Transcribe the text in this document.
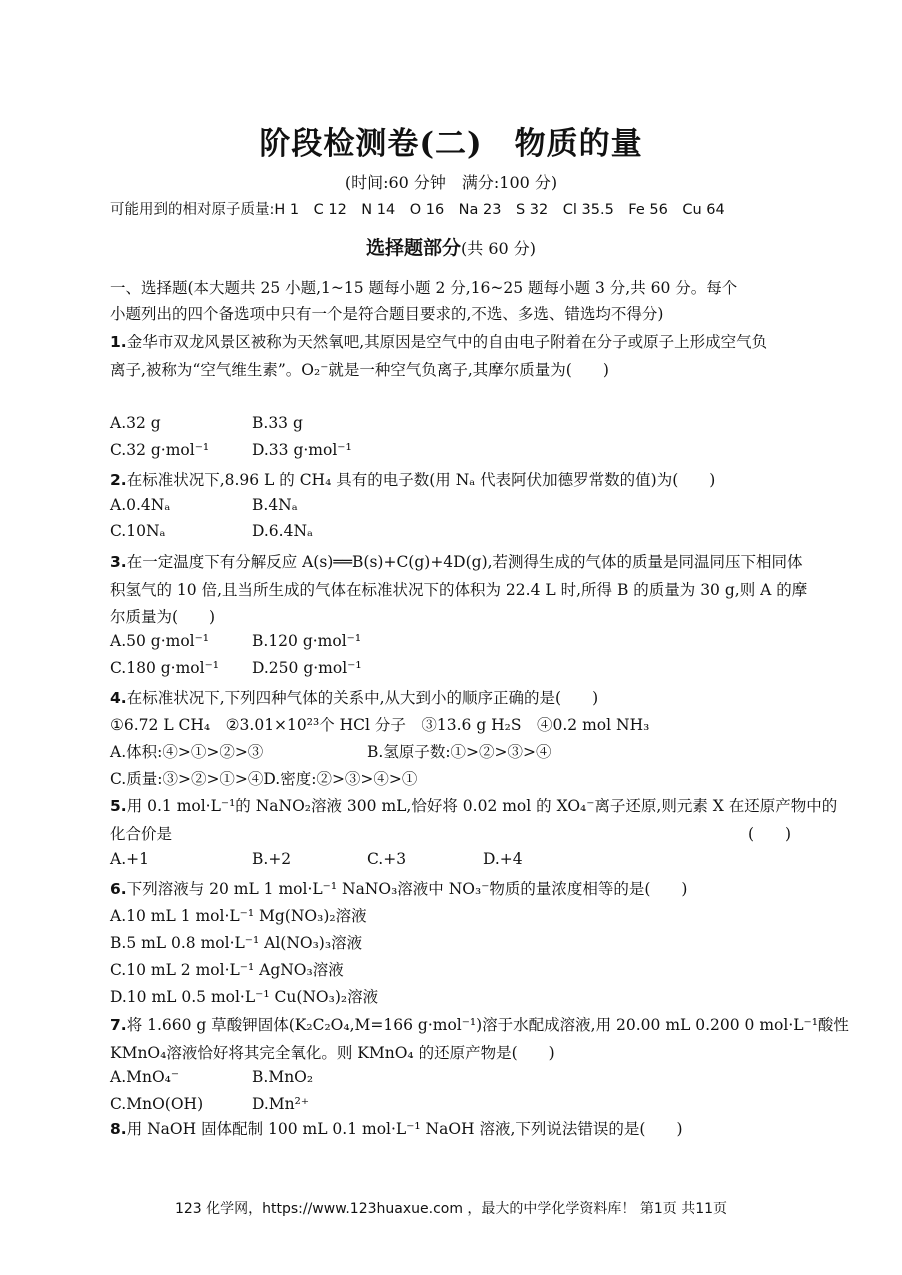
阶段检测卷(二)　物质的量
(时间:60 分钟　满分:100 分)
可能用到的相对原子质量:H 1　C 12　N 14　O 16　Na 23　S 32　Cl 35.5　Fe 56　Cu 64
选择题部分(共 60 分)
一、选择题(本大题共 25 小题,1~15 题每小题 2 分,16~25 题每小题 3 分,共 60 分。每个
小题列出的四个备选项中只有一个是符合题目要求的,不选、多选、错选均不得分)
1.金华市双龙风景区被称为天然氧吧,其原因是空气中的自由电子附着在分子或原子上形成空气负
离子,被称为“空气维生素”。O₂⁻就是一种空气负离子,其摩尔质量为(　　)
A.32 g	B.33 g
C.32 g·mol⁻¹	D.33 g·mol⁻¹
2.在标准状况下,8.96 L 的 CH₄ 具有的电子数(用 Nₐ 代表阿伏加德罗常数的值)为(　　)
A.0.4Nₐ	B.4Nₐ
C.10Nₐ	D.6.4Nₐ
3.在一定温度下有分解反应 A(s)══B(s)+C(g)+4D(g),若测得生成的气体的质量是同温同压下相同体
积氢气的 10 倍,且当所生成的气体在标准状况下的体积为 22.4 L 时,所得 B 的质量为 30 g,则 A 的摩
尔质量为(　　)
A.50 g·mol⁻¹	B.120 g·mol⁻¹
C.180 g·mol⁻¹ D.250 g·mol⁻¹
4.在标准状况下,下列四种气体的关系中,从大到小的顺序正确的是(　　)
①6.72 L CH₄　②3.01×10²³个 HCl 分子　③13.6 g H₂S　④0.2 mol NH₃
A.体积:④>①>②>③	B.氢原子数:①>②>③>④
C.质量:③>②>①>④D.密度:②>③>④>①
5.用 0.1 mol·L⁻¹的 NaNO₂溶液 300 mL,恰好将 0.02 mol 的 XO₄⁻离子还原,则元素 X 在还原产物中的
化合价是	(　　)
A.+1	B.+2	C.+3	D.+4
6.下列溶液与 20 mL 1 mol·L⁻¹ NaNO₃溶液中 NO₃⁻物质的量浓度相等的是(　　)
A.10 mL 1 mol·L⁻¹ Mg(NO₃)₂溶液
B.5 mL 0.8 mol·L⁻¹ Al(NO₃)₃溶液
C.10 mL 2 mol·L⁻¹ AgNO₃溶液
D.10 mL 0.5 mol·L⁻¹ Cu(NO₃)₂溶液
7.将 1.660 g 草酸钾固体(K₂C₂O₄,M=166 g·mol⁻¹)溶于水配成溶液,用 20.00 mL 0.200 0 mol·L⁻¹酸性
KMnO₄溶液恰好将其完全氧化。则 KMnO₄ 的还原产物是(　　)
A.MnO₄⁻	B.MnO₂
C.MnO(OH)	D.Mn²⁺
8.用 NaOH 固体配制 100 mL 0.1 mol·L⁻¹ NaOH 溶液,下列说法错误的是(　　)
123 化学网，https://www.123huaxue.com ，最大的中学化学资料库！ 第1页 共11页
